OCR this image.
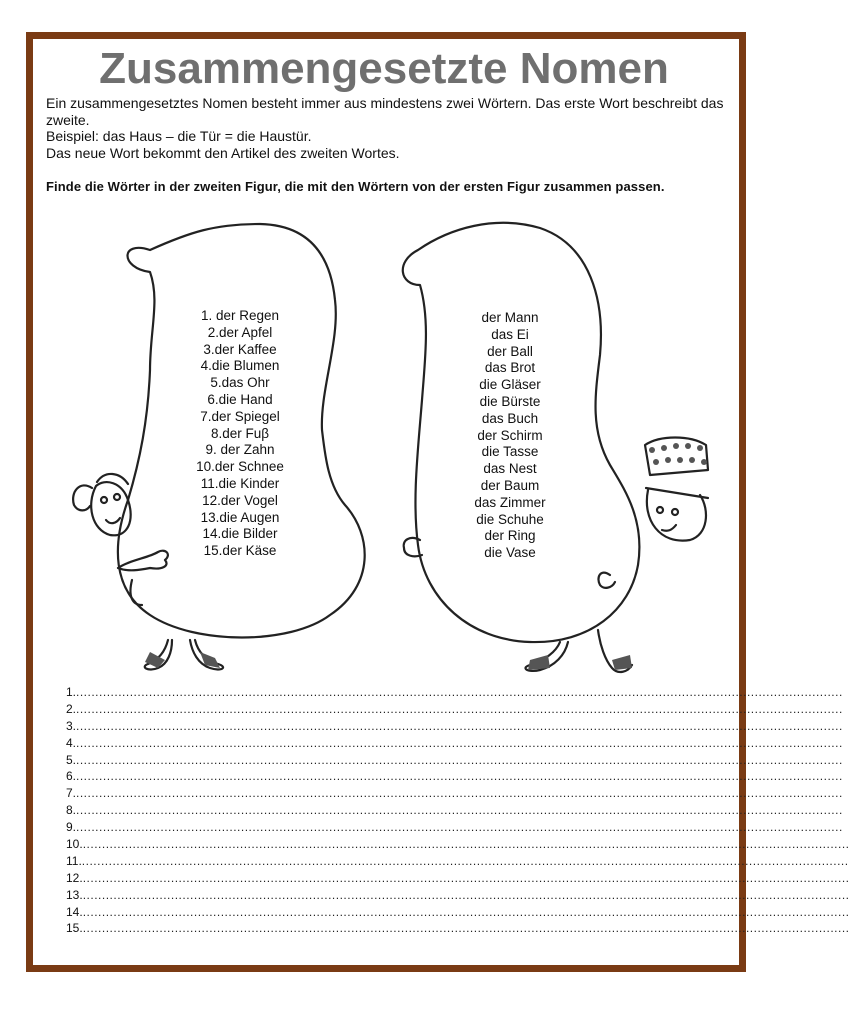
Zusammengesetzte Nomen

Ein zusammengesetztes Nomen besteht immer aus mindestens zwei Wörtern. Das erste Wort beschreibt das zweite.

Beispiel: das Haus – die Tür = die Haustür.

Das neue Wort bekommt den Artikel des zweiten Wortes.

Finde die Wörter in der zweiten Figur, die mit den Wörtern von der ersten Figur zusammen passen.
1. der Regen
2.der Apfel
3.der Kaffee
4.die Blumen
5.das Ohr
6.die Hand
7.der Spiegel
8.der Fuβ
9. der Zahn
10.der Schnee
11.die Kinder
12.der Vogel
13.die Augen
14.die Bilder
15.der Käse
der Mann
das Ei
der Ball
das Brot
die Gläser
die Bürste
das Buch
der Schirm
die Tasse
das Nest
der Baum
das Zimmer
die Schuhe
der Ring
die Vase
1. ........................................................................................................................................................................................................
2. ........................................................................................................................................................................................................
3. ........................................................................................................................................................................................................
4. ........................................................................................................................................................................................................
5. ........................................................................................................................................................................................................
6. ........................................................................................................................................................................................................
7. ........................................................................................................................................................................................................
8. ........................................................................................................................................................................................................
9. ........................................................................................................................................................................................................
10. ........................................................................................................................................................................................................
11. ........................................................................................................................................................................................................
12. ........................................................................................................................................................................................................
13. ........................................................................................................................................................................................................
14. ........................................................................................................................................................................................................
15. ........................................................................................................................................................................................................
